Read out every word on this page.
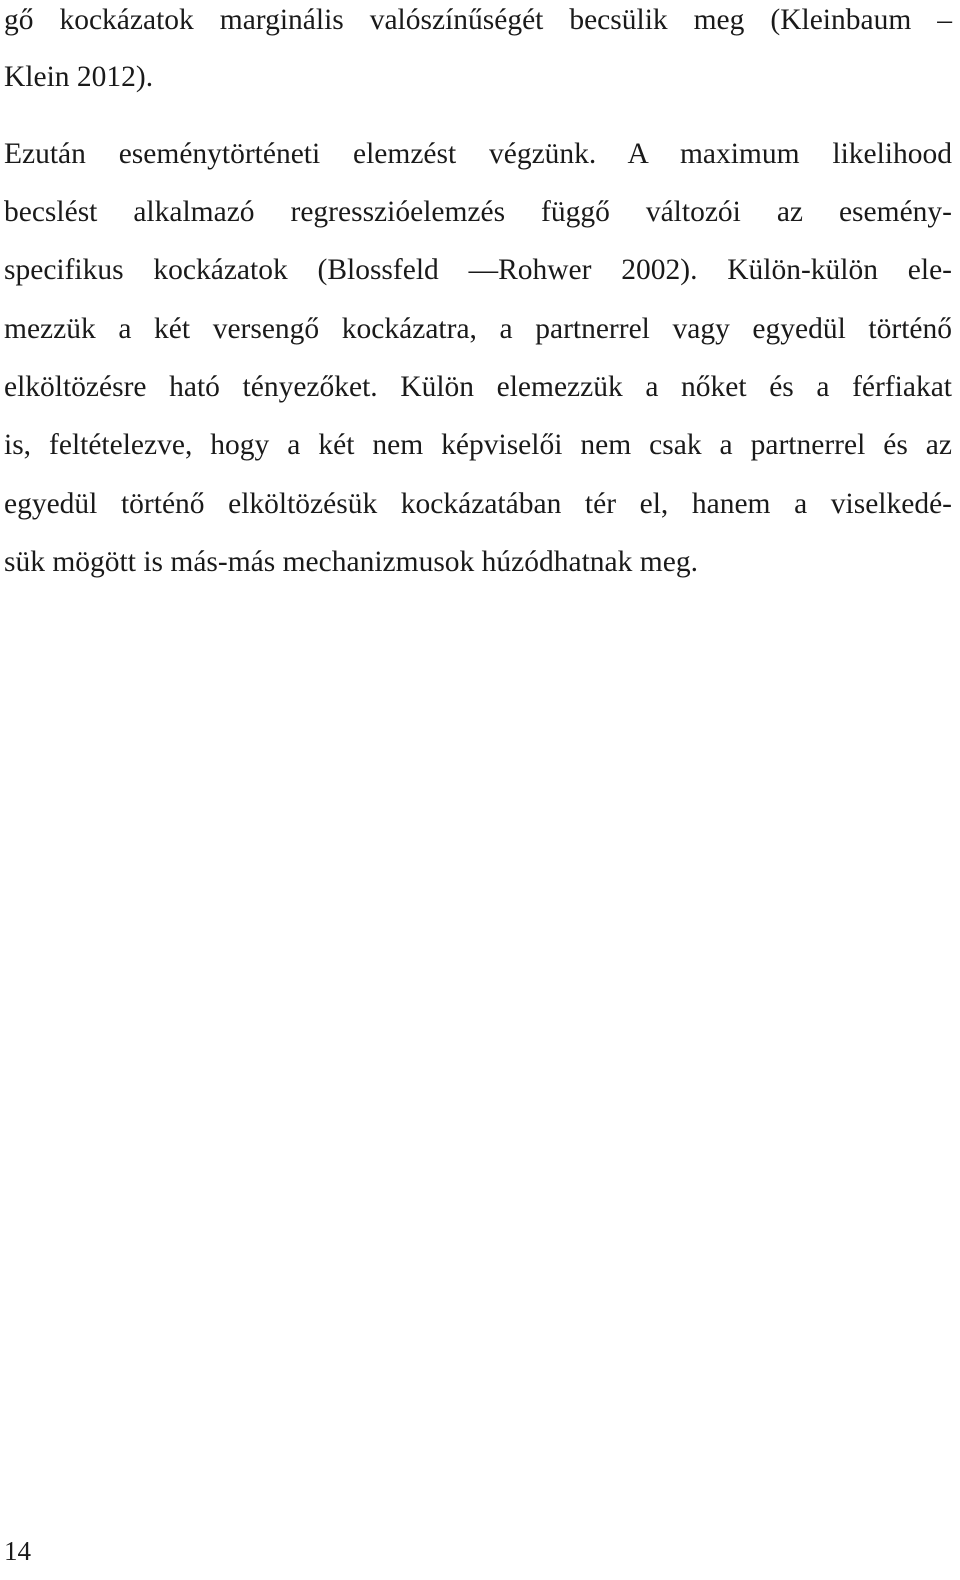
gő kockázatok marginális valószínűségét becsülik meg (Kleinbaum –

Klein 2012).

Ezután eseménytörténeti elemzést végzünk. A maximum likelihood

becslést alkalmazó regresszióelemzés függő változói az esemény-

specifikus kockázatok (Blossfeld —Rohwer 2002). Külön-külön ele-

mezzük a két versengő kockázatra, a partnerrel vagy egyedül történő

elköltözésre ható tényezőket. Külön elemezzük a nőket és a férfiakat

is, feltételezve, hogy a két nem képviselői nem csak a partnerrel és az

egyedül történő elköltözésük kockázatában tér el, hanem a viselkedé-

sük mögött is más-más mechanizmusok húzódhatnak meg.

14
